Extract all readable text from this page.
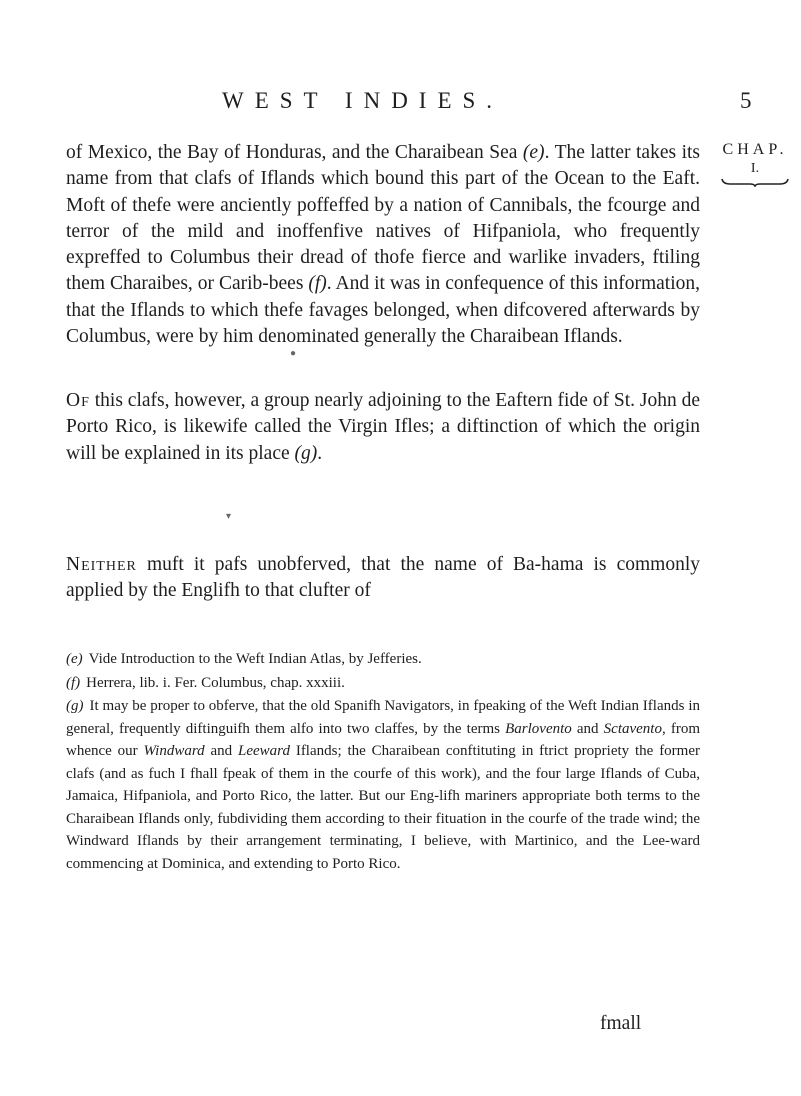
WEST INDIES.	5
CHAP.
I.

of Mexico, the Bay of Honduras, and the Charaibean Sea (e). The latter takes its name from that clafs of Iflands which bound this part of the Ocean to the Eaft. Moft of thefe were anciently poffeffed by a nation of Cannibals, the fcourge and terror of the mild and inoffenfive natives of Hifpaniola, who frequently expreffed to Columbus their dread of thofe fierce and warlike invaders, ftiling them Charaibes, or Carib-bees (f). And it was in confequence of this information, that the Iflands to which thefe favages belonged, when difcovered afterwards by Columbus, were by him denominated generally the Charaibean Iflands.

●

Of this clafs, however, a group nearly adjoining to the Eaftern fide of St. John de Porto Rico, is likewife called the Virgin Ifles; a diftinction of which the origin will be explained in its place (g).

▾

Neither muft it pafs unobferved, that the name of Ba-hama is commonly applied by the Englifh to that clufter of

(e) Vide Introduction to the Weft Indian Atlas, by Jefferies.

(f) Herrera, lib. i. Fer. Columbus, chap. xxxiii.

(g) It may be proper to obferve, that the old Spanifh Navigators, in fpeaking of the Weft Indian Iflands in general, frequently diftinguifh them alfo into two claffes, by the terms Barlovento and Sctavento, from whence our Windward and Leeward Iflands; the Charaibean conftituting in ftrict propriety the former clafs (and as fuch I fhall fpeak of them in the courfe of this work), and the four large Iflands of Cuba, Jamaica, Hifpaniola, and Porto Rico, the latter. But our Eng-lifh mariners appropriate both terms to the Charaibean Iflands only, fubdividing them according to their fituation in the courfe of the trade wind; the Windward Iflands by their arrangement terminating, I believe, with Martinico, and the Lee-ward commencing at Dominica, and extending to Porto Rico.

fmall
